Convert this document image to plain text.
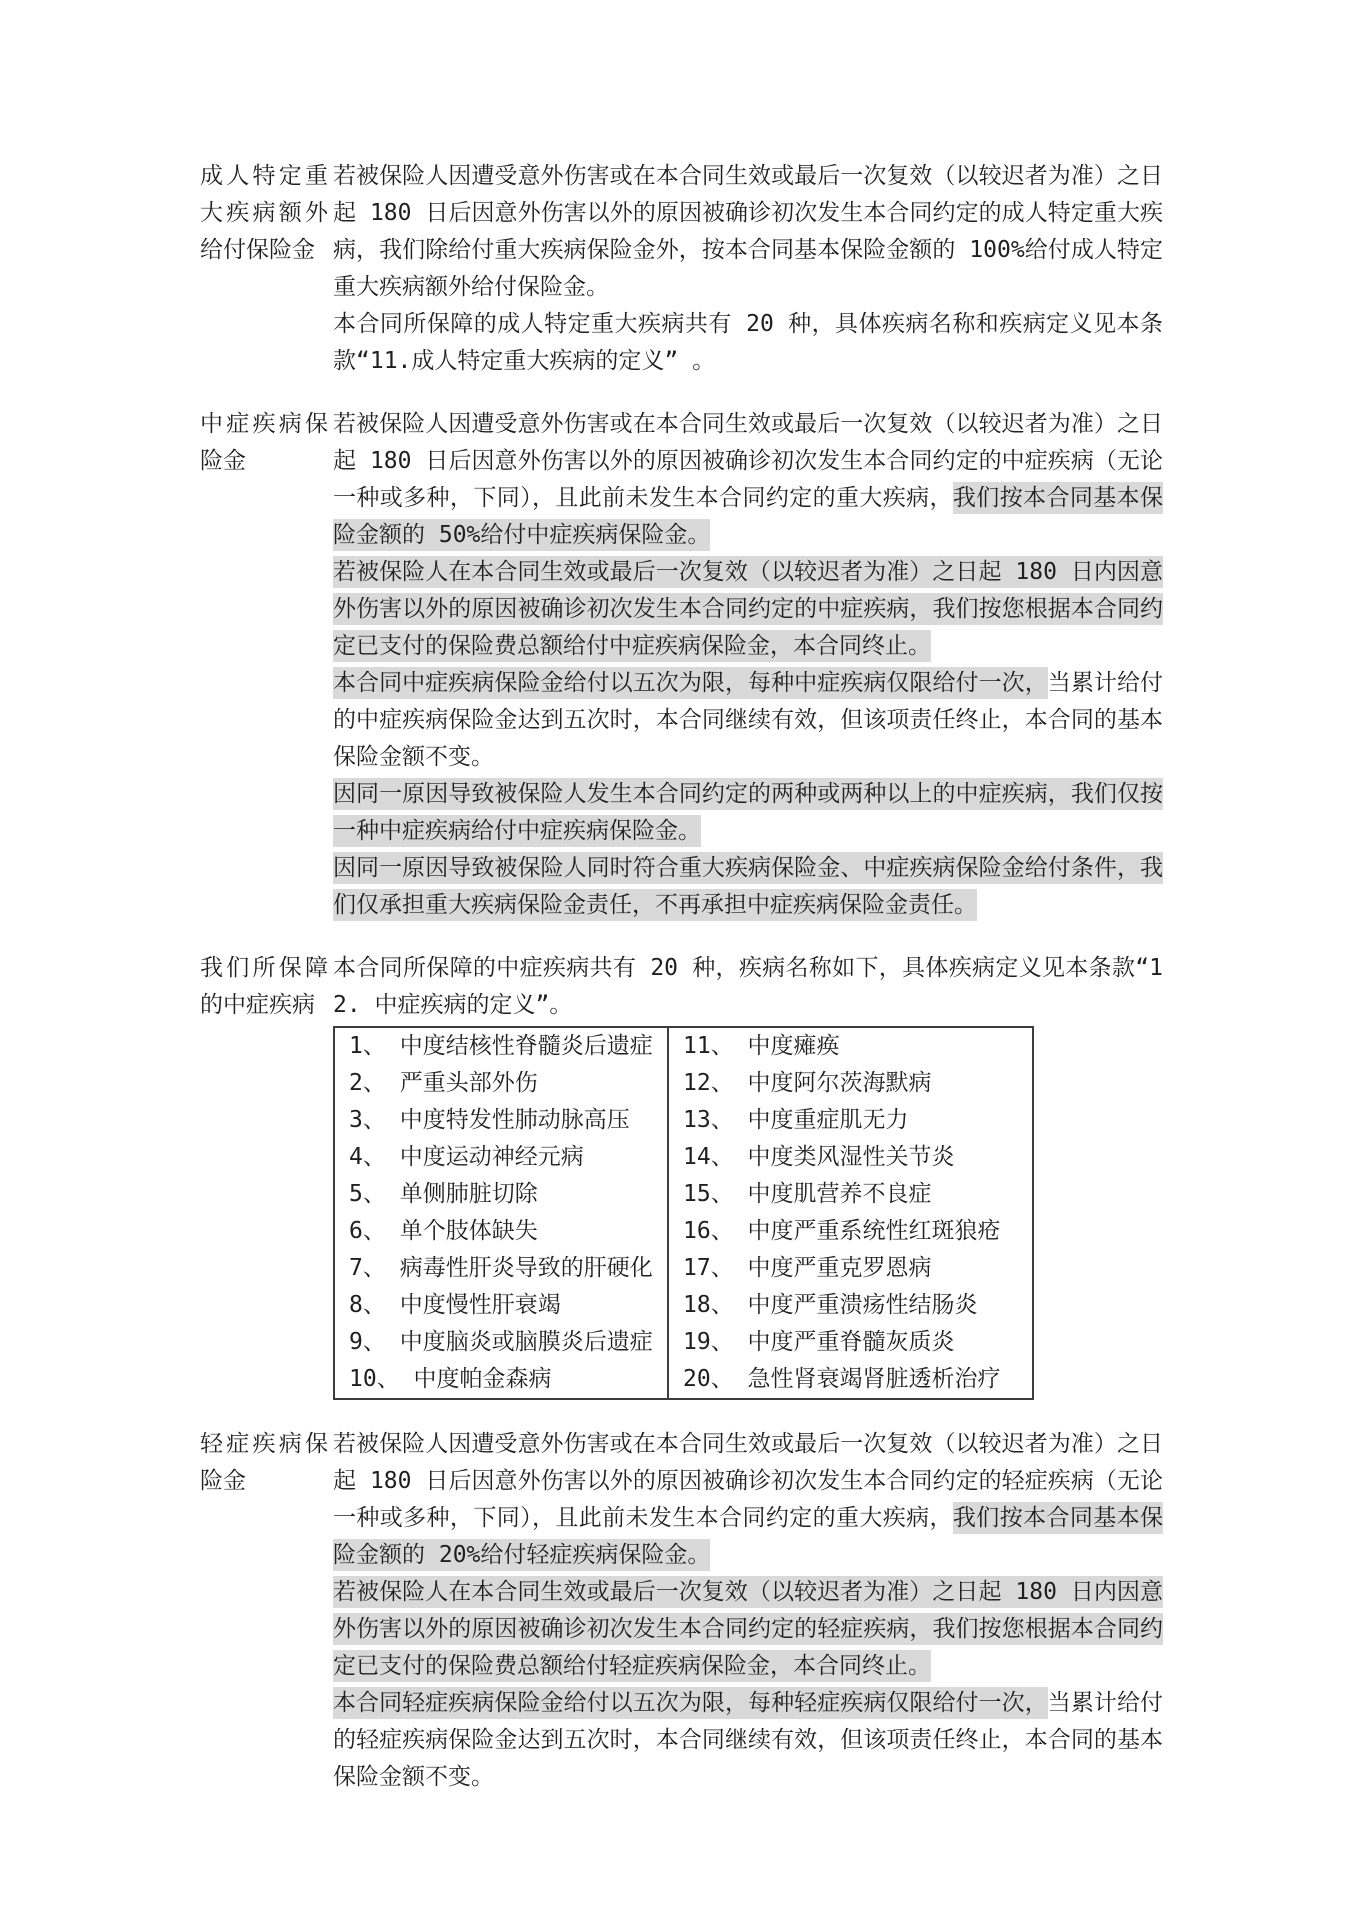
成人特定重大疾病额外给付保险金

若被保险人因遭受意外伤害或在本合同生效或最后一次复效（以较迟者为准）之日起 180 日后因意外伤害以外的原因被确诊初次发生本合同约定的成人特定重大疾病，我们除给付重大疾病保险金外，按本合同基本保险金额的 100%给付成人特定重大疾病额外给付保险金。

本合同所保障的成人特定重大疾病共有 20 种，具体疾病名称和疾病定义见本条款“11.成人特定重大疾病的定义” 。

中症疾病保险金

若被保险人因遭受意外伤害或在本合同生效或最后一次复效（以较迟者为准）之日起 180 日后因意外伤害以外的原因被确诊初次发生本合同约定的中症疾病（无论一种或多种，下同），且此前未发生本合同约定的重大疾病，我们按本合同基本保险金额的 50%给付中症疾病保险金。

若被保险人在本合同生效或最后一次复效（以较迟者为准）之日起 180 日内因意外伤害以外的原因被确诊初次发生本合同约定的中症疾病，我们按您根据本合同约定已支付的保险费总额给付中症疾病保险金，本合同终止。

本合同中症疾病保险金给付以五次为限，每种中症疾病仅限给付一次，当累计给付的中症疾病保险金达到五次时，本合同继续有效，但该项责任终止，本合同的基本保险金额不变。

因同一原因导致被保险人发生本合同约定的两种或两种以上的中症疾病，我们仅按一种中症疾病给付中症疾病保险金。

因同一原因导致被保险人同时符合重大疾病保险金、中症疾病保险金给付条件，我们仅承担重大疾病保险金责任，不再承担中症疾病保险金责任。

我们所保障的中症疾病

本合同所保障的中症疾病共有 20 种，疾病名称如下，具体疾病定义见本条款“12. 中症疾病的定义”。

1、 中度结核性脊髓炎后遗症	11、 中度瘫痪
2、 严重头部外伤	12、 中度阿尔茨海默病
3、 中度特发性肺动脉高压	13、 中度重症肌无力
4、 中度运动神经元病	14、 中度类风湿性关节炎
5、 单侧肺脏切除	15、 中度肌营养不良症
6、 单个肢体缺失	16、 中度严重系统性红斑狼疮
7、 病毒性肝炎导致的肝硬化	17、 中度严重克罗恩病
8、 中度慢性肝衰竭	18、 中度严重溃疡性结肠炎
9、 中度脑炎或脑膜炎后遗症	19、 中度严重脊髓灰质炎
10、 中度帕金森病	20、 急性肾衰竭肾脏透析治疗
轻症疾病保险金

若被保险人因遭受意外伤害或在本合同生效或最后一次复效（以较迟者为准）之日起 180 日后因意外伤害以外的原因被确诊初次发生本合同约定的轻症疾病（无论一种或多种，下同），且此前未发生本合同约定的重大疾病，我们按本合同基本保险金额的 20%给付轻症疾病保险金。

若被保险人在本合同生效或最后一次复效（以较迟者为准）之日起 180 日内因意外伤害以外的原因被确诊初次发生本合同约定的轻症疾病，我们按您根据本合同约定已支付的保险费总额给付轻症疾病保险金，本合同终止。

本合同轻症疾病保险金给付以五次为限，每种轻症疾病仅限给付一次，当累计给付的轻症疾病保险金达到五次时，本合同继续有效，但该项责任终止，本合同的基本保险金额不变。
